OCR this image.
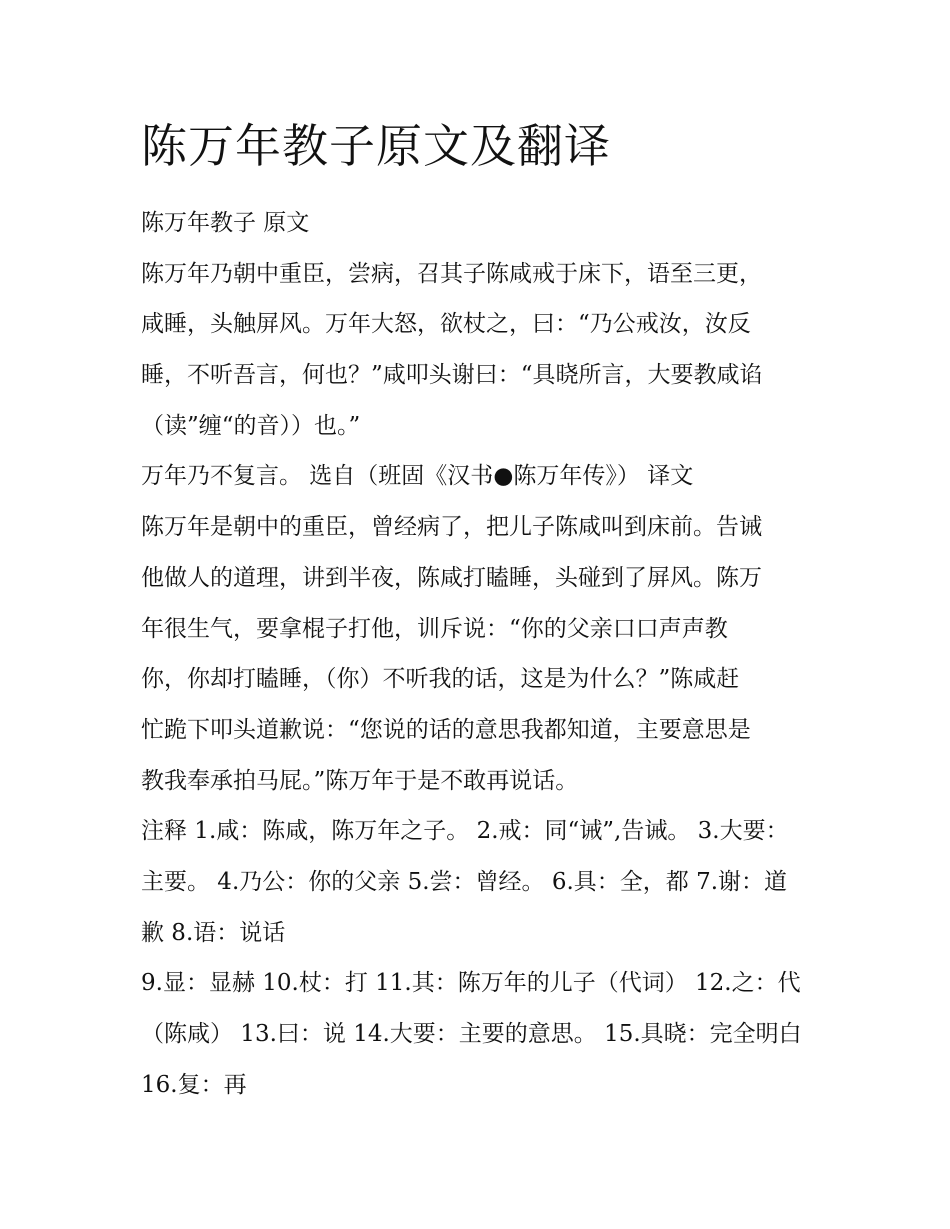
陈万年教子原文及翻译

陈万年教子 原文

陈万年乃朝中重臣，尝病，召其子陈咸戒于床下，语至三更，

咸睡，头触屏风。万年大怒，欲杖之，曰：“乃公戒汝，汝反

睡，不听吾言，何也？”咸叩头谢曰：“具晓所言，大要教咸谄

（读”缠“的音））也。”

万年乃不复言。 选自（班固《汉书●陈万年传》） 译文

陈万年是朝中的重臣，曾经病了，把儿子陈咸叫到床前。告诫

他做人的道理，讲到半夜，陈咸打瞌睡，头碰到了屏风。陈万

年很生气，要拿棍子打他，训斥说：“你的父亲口口声声教

你，你却打瞌睡，（你）不听我的话，这是为什么？”陈咸赶

忙跪下叩头道歉说：“您说的话的意思我都知道，主要意思是

教我奉承拍马屁。”陈万年于是不敢再说话。

注释 1.咸：陈咸，陈万年之子。 2.戒：同“诫”,告诫。 3.大要：

主要。 4.乃公：你的父亲 5.尝：曾经。 6.具：全，都 7.谢：道

歉 8.语：说话

9.显：显赫 10.杖：打 11.其：陈万年的儿子（代词） 12.之：代

（陈咸） 13.曰：说 14.大要：主要的意思。 15.具晓：完全明白

16.复：再
